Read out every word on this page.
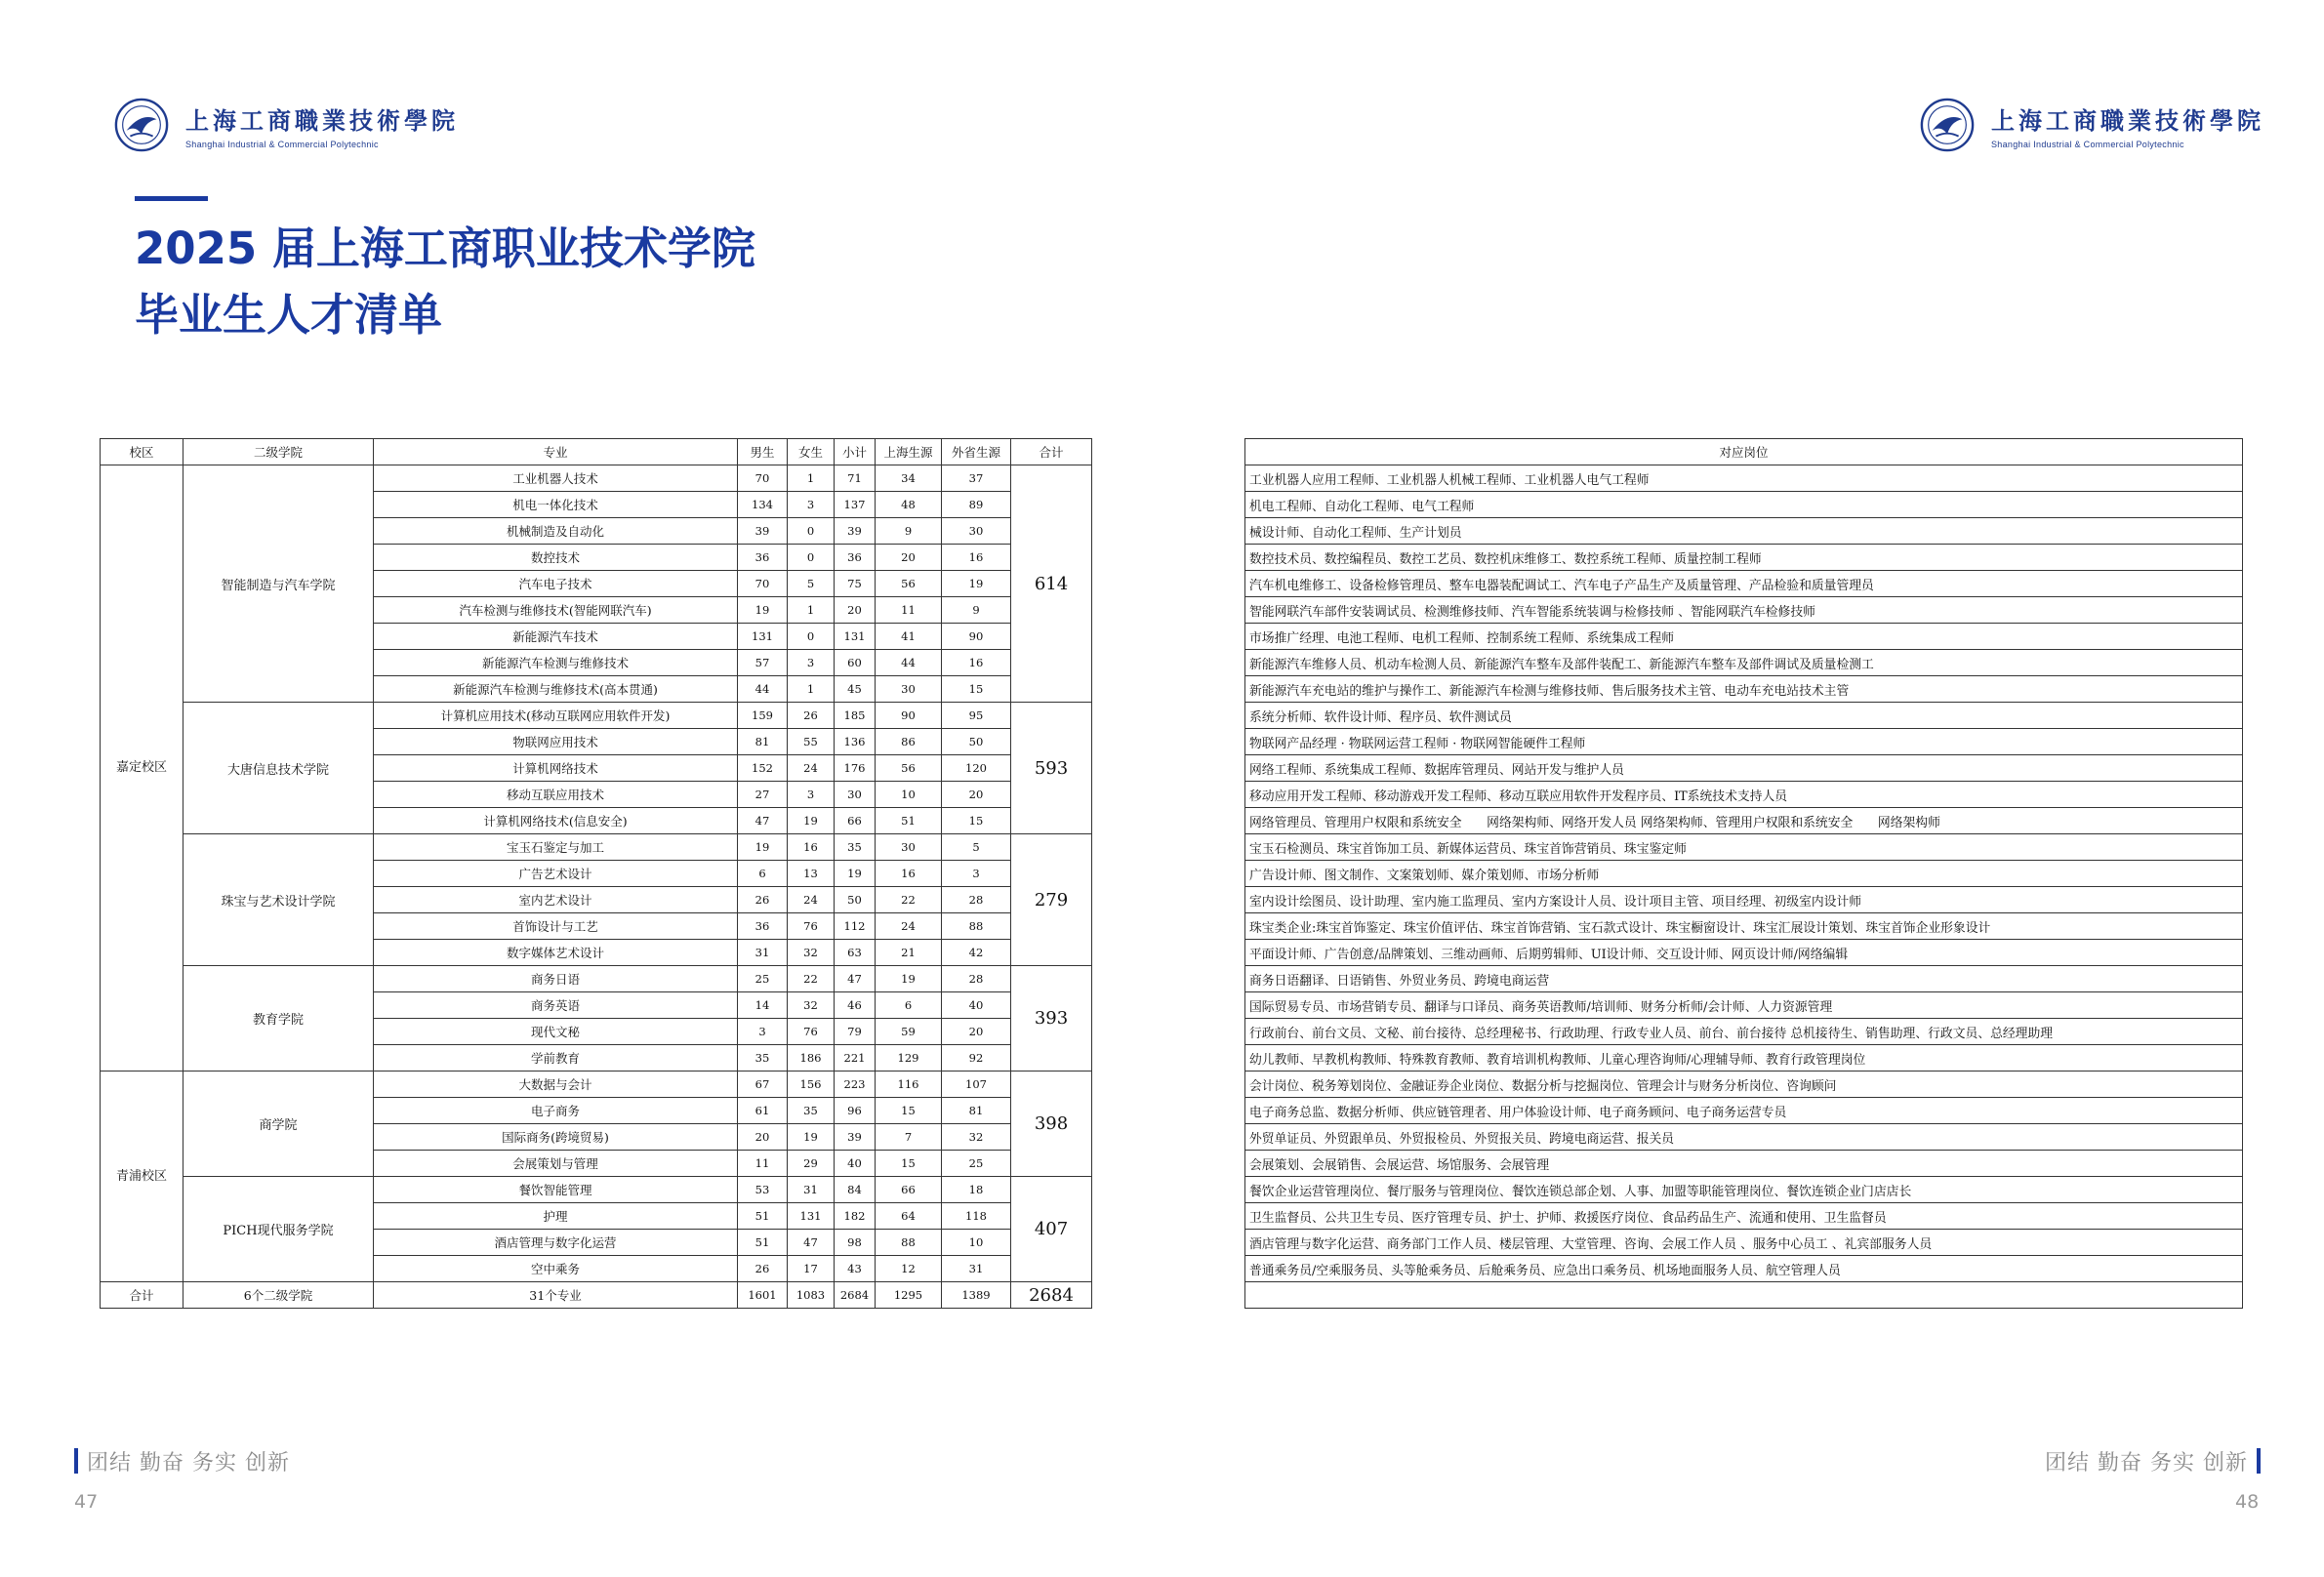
上海工商職業技術學院
Shanghai Industrial & Commercial Polytechnic
上海工商職業技術學院
Shanghai Industrial & Commercial Polytechnic
2025 届上海工商职业技术学院
毕业生人才清单
校区	二级学院	专业	男生	女生	小计	上海生源	外省生源	合计
嘉定校区	智能制造与汽车学院	工业机器人技术	70	1	71	34	37	614
		机电一体化技术	134	3	137	48	89	
		机械制造及自动化	39	0	39	9	30	
		数控技术	36	0	36	20	16	
		汽车电子技术	70	5	75	56	19	
		汽车检测与维修技术(智能网联汽车)	19	1	20	11	9	
		新能源汽车技术	131	0	131	41	90	
		新能源汽车检测与维修技术	57	3	60	44	16	
		新能源汽车检测与维修技术(高本贯通)	44	1	45	30	15	
	大唐信息技术学院	计算机应用技术(移动互联网应用软件开发)	159	26	185	90	95	593
		物联网应用技术	81	55	136	86	50	
		计算机网络技术	152	24	176	56	120	
		移动互联应用技术	27	3	30	10	20	
		计算机网络技术(信息安全)	47	19	66	51	15	
	珠宝与艺术设计学院	宝玉石鉴定与加工	19	16	35	30	5	279
		广告艺术设计	6	13	19	16	3	
		室内艺术设计	26	24	50	22	28	
		首饰设计与工艺	36	76	112	24	88	
		数字媒体艺术设计	31	32	63	21	42	
	教育学院	商务日语	25	22	47	19	28	393
		商务英语	14	32	46	6	40	
		现代文秘	3	76	79	59	20	
		学前教育	35	186	221	129	92	
青浦校区	商学院	大数据与会计	67	156	223	116	107	398
		电子商务	61	35	96	15	81	
		国际商务(跨境贸易)	20	19	39	7	32	
		会展策划与管理	11	29	40	15	25	
	PICH现代服务学院	餐饮智能管理	53	31	84	66	18	407
		护理	51	131	182	64	118	
		酒店管理与数字化运营	51	47	98	88	10	
		空中乘务	26	17	43	12	31	
合计	6个二级学院	31个专业	1601	1083	2684	1295	1389	2684
对应岗位
工业机器人应用工程师、工业机器人机械工程师、工业机器人电气工程师
机电工程师、自动化工程师、电气工程师
械设计师、自动化工程师、生产计划员
数控技术员、数控编程员、数控工艺员、数控机床维修工、数控系统工程师、质量控制工程师
汽车机电维修工、设备检修管理员、整车电器装配调试工、汽车电子产品生产及质量管理、产品检验和质量管理员
智能网联汽车部件安装调试员、检测维修技师、汽车智能系统装调与检修技师 、智能网联汽车检修技师
市场推广经理、电池工程师、电机工程师、控制系统工程师、系统集成工程师
新能源汽车维修人员、机动车检测人员、新能源汽车整车及部件装配工、新能源汽车整车及部件调试及质量检测工
新能源汽车充电站的维护与操作工、新能源汽车检测与维修技师、售后服务技术主管、电动车充电站技术主管
系统分析师、软件设计师、程序员、软件测试员
物联网产品经理 · 物联网运营工程师 · 物联网智能硬件工程师
网络工程师、系统集成工程师、数据库管理员、网站开发与维护人员
移动应用开发工程师、移动游戏开发工程师、移动互联应用软件开发程序员、IT系统技术支持人员
网络管理员、管理用户权限和系统安全　　网络架构师、网络开发人员 网络架构师、管理用户权限和系统安全　　网络架构师
宝玉石检测员、珠宝首饰加工员、新媒体运营员、珠宝首饰营销员、珠宝鉴定师
广告设计师、图文制作、文案策划师、媒介策划师、市场分析师
室内设计绘图员、设计助理、室内施工监理员、室内方案设计人员、设计项目主管、项目经理、初级室内设计师
珠宝类企业:珠宝首饰鉴定、珠宝价值评估、珠宝首饰营销、宝石款式设计、珠宝橱窗设计、珠宝汇展设计策划、珠宝首饰企业形象设计
平面设计师、广告创意/品牌策划、三维动画师、后期剪辑师、UI设计师、交互设计师、网页设计师/网络编辑
商务日语翻译、日语销售、外贸业务员、跨境电商运营
国际贸易专员、市场营销专员、翻译与口译员、商务英语教师/培训师、财务分析师/会计师、人力资源管理
行政前台、前台文员、文秘、前台接待、总经理秘书、行政助理、行政专业人员、前台、前台接待 总机接待生、销售助理、行政文员、总经理助理
幼儿教师、早教机构教师、特殊教育教师、教育培训机构教师、儿童心理咨询师/心理辅导师、教育行政管理岗位
会计岗位、税务筹划岗位、金融证券企业岗位、数据分析与挖掘岗位、管理会计与财务分析岗位、咨询顾问
电子商务总监、数据分析师、供应链管理者、用户体验设计师、电子商务顾问、电子商务运营专员
外贸单证员、外贸跟单员、外贸报检员、外贸报关员、跨境电商运营、报关员
会展策划、会展销售、会展运营、场馆服务、会展管理
餐饮企业运营管理岗位、餐厅服务与管理岗位、餐饮连锁总部企划、人事、加盟等职能管理岗位、餐饮连锁企业门店店长
卫生监督员、公共卫生专员、医疗管理专员、护士、护师、救援医疗岗位、食品药品生产、流通和使用、卫生监督员
酒店管理与数字化运营、商务部门工作人员、楼层管理、大堂管理、咨询、会展工作人员 、服务中心员工 、礼宾部服务人员
普通乘务员/空乘服务员、头等舱乘务员、后舱乘务员、应急出口乘务员、机场地面服务人员、航空管理人员

团结 勤奋 务实 创新
47
团结 勤奋 务实 创新
48
